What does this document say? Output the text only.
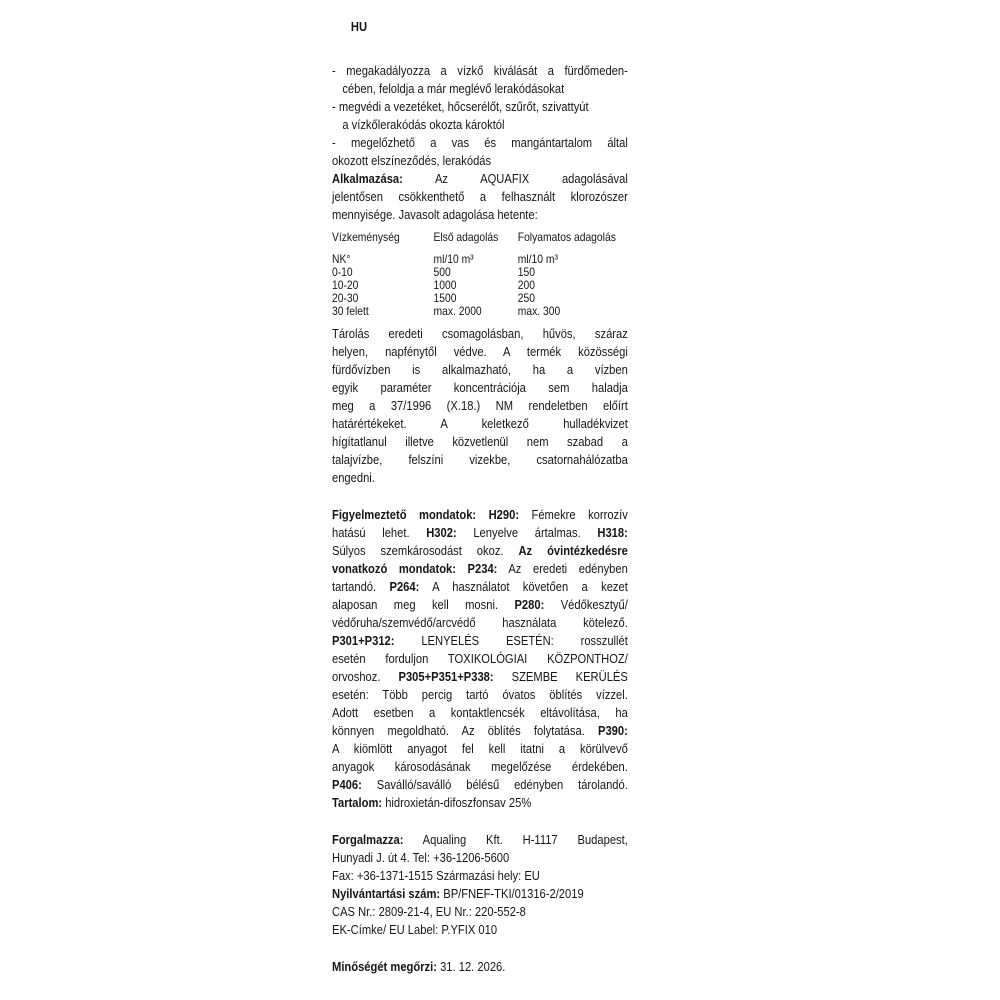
HU
- megakadályozza a vízkő kiválását a fürdőmeden-
cében, feloldja a már meglévő lerakódásokat
- megvédi a vezetéket, hőcserélőt, szűrőt, szivattyút
a vízkőlerakódás okozta károktól
- megelőzhető a vas és mangántartalom által
okozott elszíneződés, lerakódás
Alkalmazása: Az AQUAFIX adagolásával
jelentősen csökkenthető a felhasznált klorozószer
mennyisége. Javasolt adagolása hetente:
Vízkeménység	Első adagolás	Folyamatos adagolás
NK°	ml/10 m³	ml/10 m³
0-10	500	150
10-20	1000	200
20-30	1500	250
30 felett	max. 2000	max. 300
Tárolás eredeti csomagolásban, hűvös, száraz
helyen, napfénytől védve. A termék közösségi
fürdővízben is alkalmazható, ha a vízben
egyik paraméter koncentrációja sem haladja
meg a 37/1996 (X.18.) NM rendeletben előírt
határértékeket. A keletkező hulladékvizet
hígítatlanul illetve közvetlenül nem szabad a
talajvízbe, felszíni vizekbe, csatornahálózatba
engedni.
Figyelmeztető mondatok: H290: Fémekre korrozív
hatású lehet. H302: Lenyelve ártalmas. H318:
Súlyos szemkárosodást okoz. Az óvintézkedésre
vonatkozó mondatok: P234: Az eredeti edényben
tartandó. P264: A használatot követően a kezet
alaposan meg kell mosni. P280: Védőkesztyű/
védőruha/szemvédő/arcvédő használata kötelező.
P301+P312: LENYELÉS ESETÉN: rosszullét
esetén forduljon TOXIKOLÓGIAI KÖZPONTHOZ/
orvoshoz. P305+P351+P338: SZEMBE KERÜLÉS
esetén: Több percig tartó óvatos öblítés vízzel.
Adott esetben a kontaktlencsék eltávolítása, ha
könnyen megoldható. Az öblítés folytatása. P390:
A kiömlött anyagot fel kell itatni a körülvevő
anyagok károsodásának megelőzése érdekében.
P406: Saválló/saválló bélésű edényben tárolandó.
Tartalom: hidroxietán-difoszfonsav 25%
Forgalmazza: Aqualing Kft. H-1117 Budapest,
Hunyadi J. út 4. Tel: +36-1206-5600
Fax: +36-1371-1515 Származási hely: EU
Nyilvántartási szám: BP/FNEF-TKI/01316-2/2019
CAS Nr.: 2809-21-4, EU Nr.: 220-552-8
EK-Címke/ EU Label: P.YFIX 010
Minőségét megőrzi: 31. 12. 2026.
